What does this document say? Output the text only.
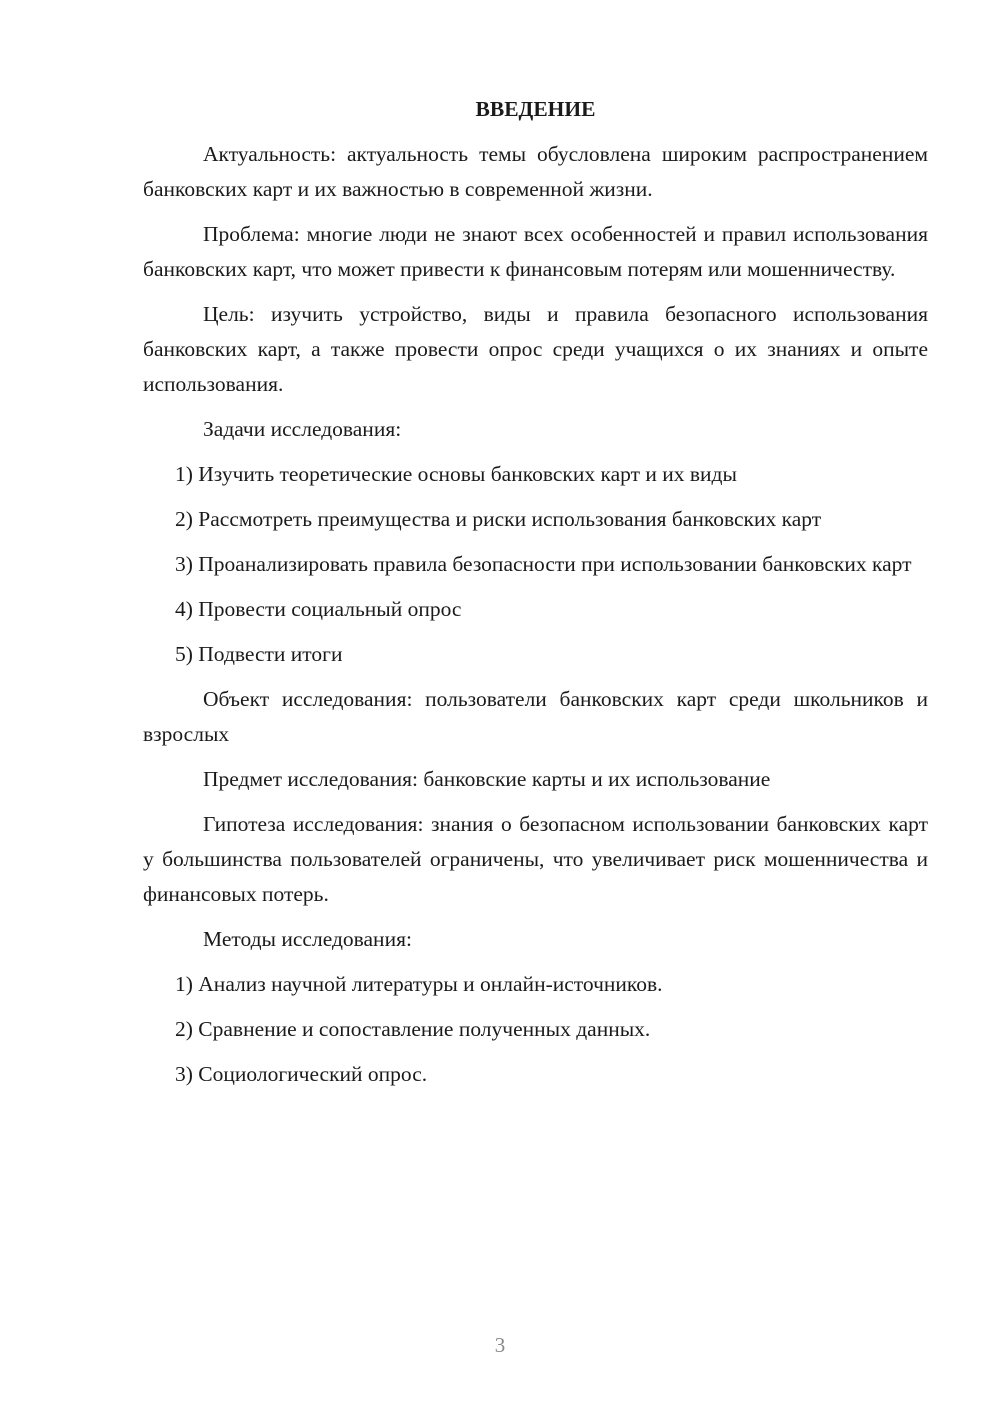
ВВЕДЕНИЕ

Актуальность: актуальность темы обусловлена широким распространением банковских карт и их важностью в современной жизни.

Проблема: многие люди не знают всех особенностей и правил использования банковских карт, что может привести к финансовым потерям или мошенничеству.

Цель: изучить устройство, виды и правила безопасного использования банковских карт, а также провести опрос среди учащихся о их знаниях и опыте использования.

Задачи исследования:

1) Изучить теоретические основы банковских карт и их виды

2) Рассмотреть преимущества и риски использования банковских карт

3) Проанализировать правила безопасности при использовании банковских карт

4) Провести социальный опрос

5) Подвести итоги

Объект исследования: пользователи банковских карт среди школьников и взрослых

Предмет исследования: банковские карты и их использование

Гипотеза исследования: знания о безопасном использовании банковских карт у большинства пользователей ограничены, что увеличивает риск мошенничества и финансовых потерь.

Методы исследования:

1) Анализ научной литературы и онлайн-источников.

2) Сравнение и сопоставление полученных данных.

3) Социологический опрос.

3
